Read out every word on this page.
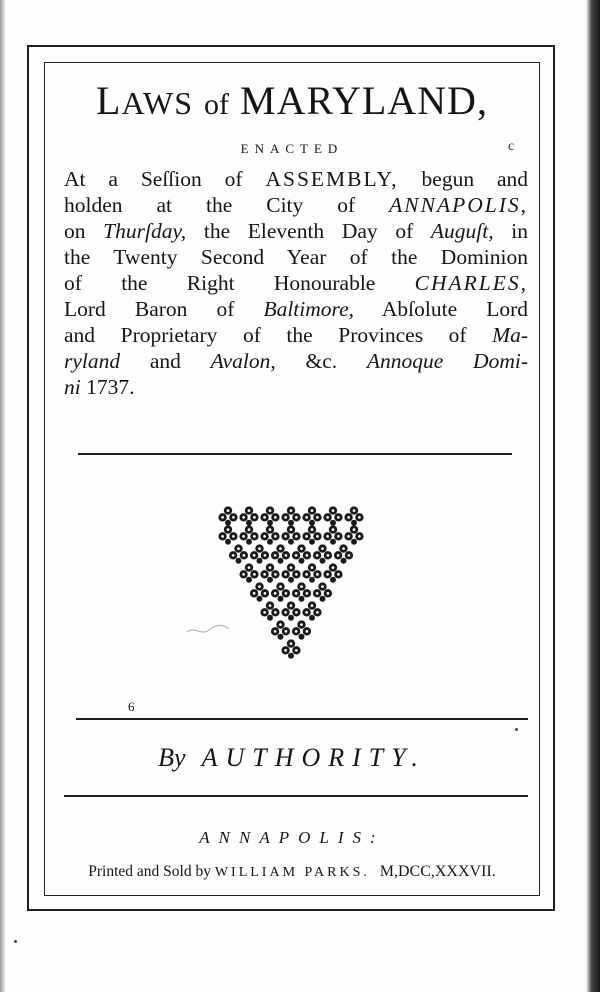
LAWS of MARYLAND,
ENACTED	c
At a Seſſion of ASSEMBLY, begun and
holden at the City of ANNAPOLIS,
on Thurſday, the Eleventh Day of Auguſt, in
the Twenty Second Year of the Dominion
of the Right Honourable CHARLES,
Lord Baron of Baltimore, Abſolute Lord
and Proprietary of the Provinces of Ma-
ryland and Avalon, &c. Annoque Domi-
ni 1737.
6
By AUTHORITY.
ANNAPOLIS:
Printed and Sold by WILLIAM PARKS. M,DCC,XXXVII.
